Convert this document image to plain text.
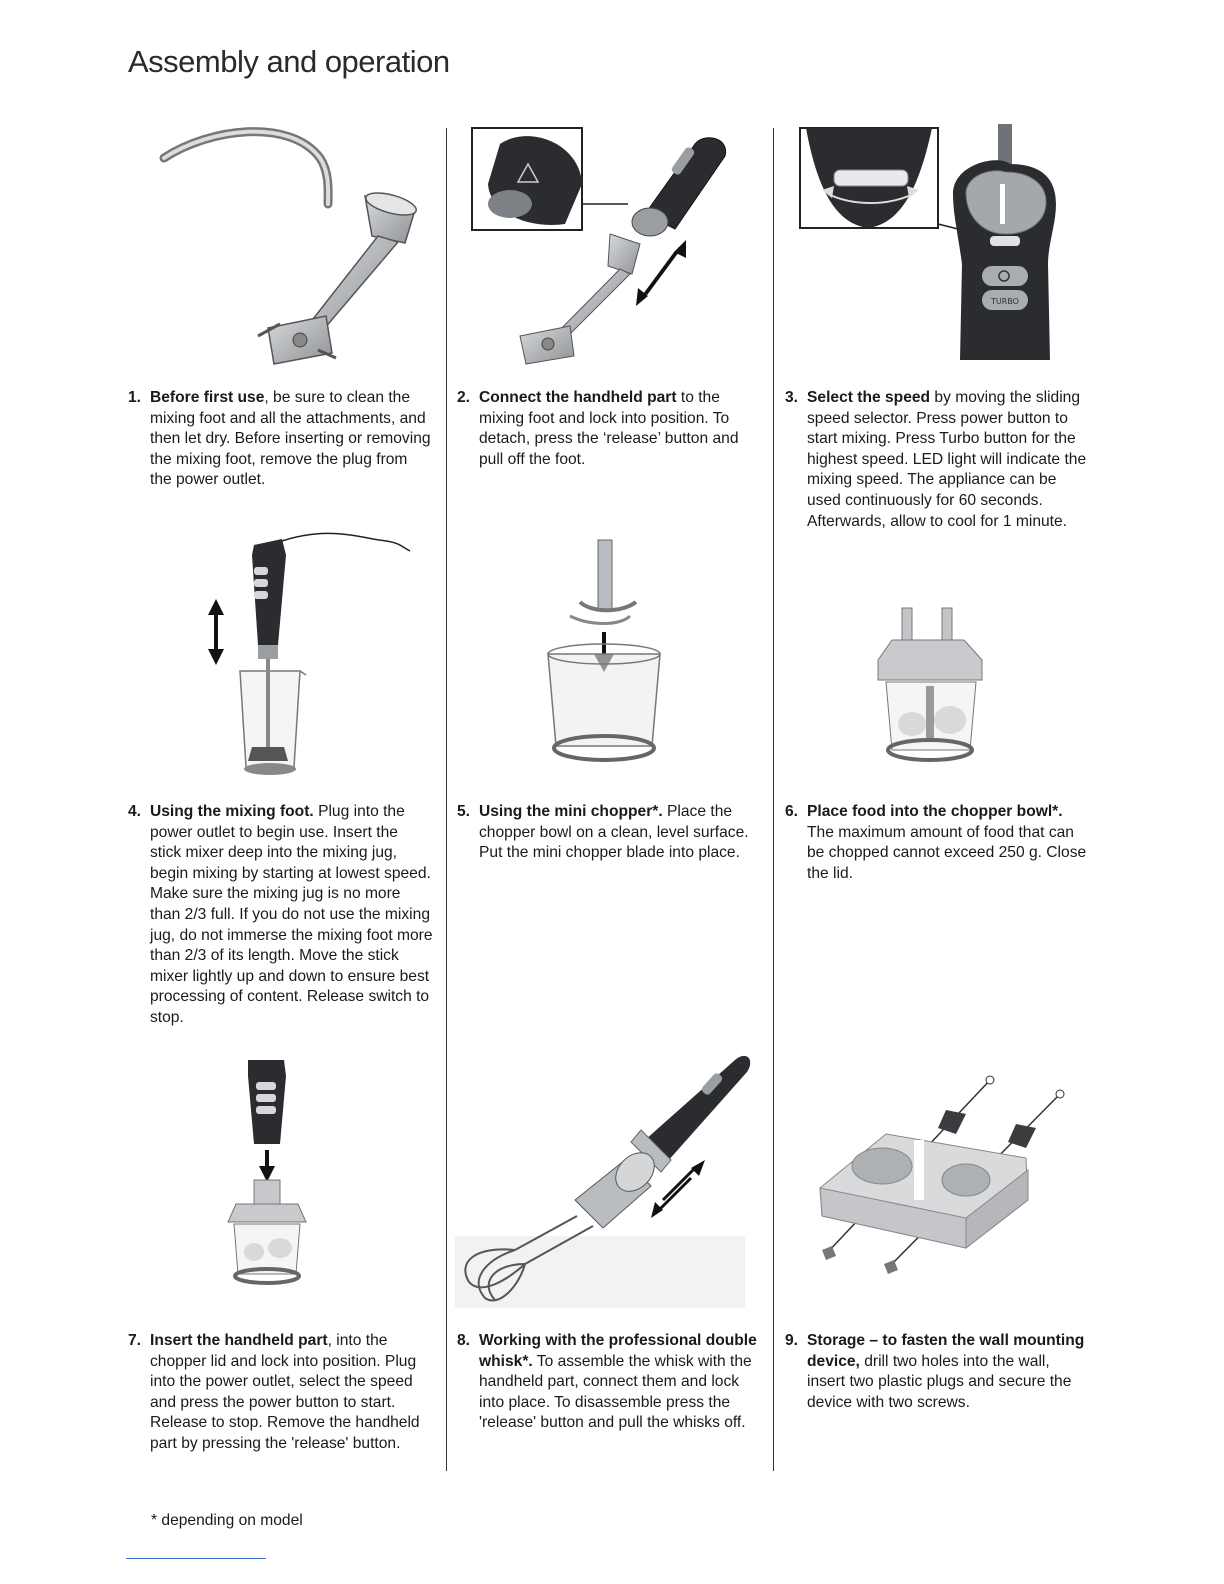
Assembly and operation
TURBO
1. Before first use, be sure to clean the mixing foot and all the attachments, and then let dry. Before inserting or removing the mixing foot, remove the plug from the power outlet.
2. Connect the handheld part to the mixing foot and lock into position. To detach, press the ‘release’ button and pull off the foot.
3. Select the speed by moving the sliding speed selector. Press power button to start mixing. Press Turbo button for the highest speed. LED light will indicate the mixing speed. The appliance can be used continuously for 60 seconds. Afterwards, allow to cool for 1 minute.
4. Using the mixing foot. Plug into the power outlet to begin use. Insert the stick mixer deep into the mixing jug, begin mixing by starting at lowest speed. Make sure the mixing jug is no more than 2/3 full. If you do not use the mixing jug, do not immerse the mixing foot more than 2/3 of its length. Move the stick mixer lightly up and down to ensure best processing of content. Release switch to stop.
5. Using the mini chopper*. Place the chopper bowl on a clean, level surface. Put the mini chopper blade into place.
6. Place food into the chopper bowl*. The maximum amount of food that can be chopped cannot exceed 250 g. Close the lid.
7. Insert the handheld part, into the chopper lid and lock into position. Plug into the power outlet, select the speed and press the power button to start. Release to stop. Remove the handheld part by pressing the 'release' button.
8. Working with the professional double whisk*. To assemble the whisk with the handheld part, connect them and lock into place. To disassemble press the 'release' button and pull the whisks off.
9. Storage – to fasten the wall mounting device, drill two holes into the wall, insert two plastic plugs and secure the device with two screws.
* depending on model
